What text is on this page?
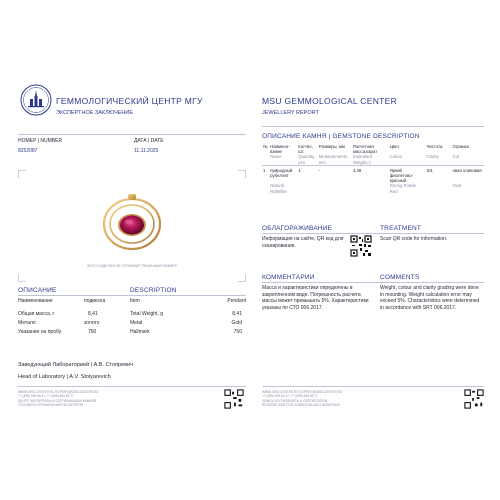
ГЕММОЛОГИЧЕСКИЙ ЦЕНТР МГУ
ЭКСПЕРТНОЕ ЗАКЛЮЧЕНИЕ
MSU GEMMOLOGICAL CENTER
JEWELLERY REPORT
НОМЕР | NUMBER
8252087
ДАТА | DATE
11.11.2025
ФОТО ИЗДЕЛИЯ НЕ ОТРАЖАЕТ РЕАЛЬНЫЙ РАЗМЕР
ОПИСАНИЕ	DESCRIPTION
Наименование	подвеска	Item	Pendant
Общая масса, г	8,41	Total Weight, g	8,41
Металл	золото	Metal	Gold
Указание на пробу	750	Hallmark	750
ОПИСАНИЕ КАМНЯ | GEMSTONE DESCRIPTION
№	Наимено-вание	Кол-во, шт.	Размеры, мм	Расчетная масса,карат	Цвет	Чистота	Огранка
	Name	Quantity, pcs	Measurements, mm	Estimated Weight,ct	Colour	Clarity	Cut
1	природный рубеллит	1	-	4,48	Яркий фиолетово-красный	SI1	овал клиновая
	Natural Rubellite				Strong Purple Red		Oval
ОБЛАГОРАЖИВАНИЕ	TREATMENT
Информация на сайте, QR код для сканирования.
Scan QR code for information.
КОММЕНТАРИИ	COMMENTS
Масса и характеристики определены в закрепленном виде. Погрешность расчета массы может превышать 5%. Характеристики указаны по СТО 006.2017.
Weight, colour and clarity grading were done in mounting. Weight calculation error may exceed 5%. Characteristics were determined in accordance with SRT 006.2017.
Заведующий Лабораторией | А.В. Стояревич
Head of Laboratory | A.V. Stoiyarevich
WWW.GEM-CENTER.RU EXPERT@GEM-CENTER.RU
+7 (495) 939 56 47, +7 (495) 455 66 77
ЦЕНТР ЭКСПЕРТИЗЫ И СЕРТИФИКАЦИИ КАМНЕЙ
УСЛОВИЯ И ОГРАНИЧЕНИЯ НА ОБОРОТЕ
WWW.GEM-CENTER.RU EXPERT@GEM-CENTER.RU
+7 (495) 939 56 47, +7 (495) 455 66 77
GEMOLOGY RESEARCH & CERTIFICATION
REVERSE SIDE FOR CONDITION AND LIMITATIONS
